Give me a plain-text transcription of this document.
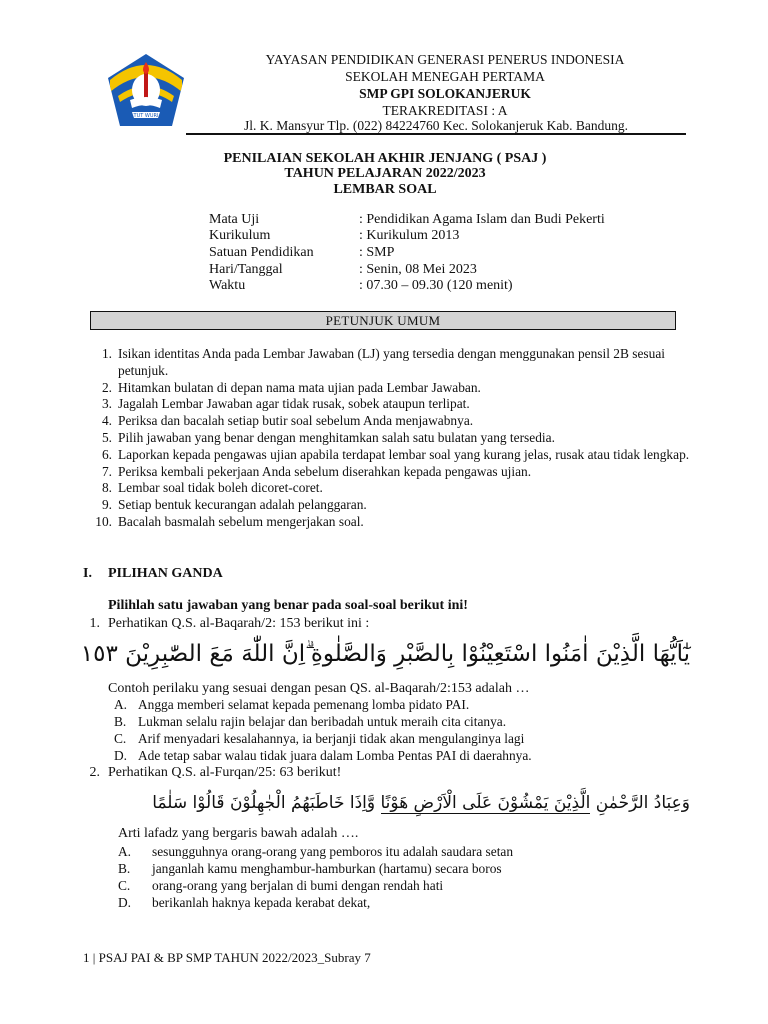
TUT WURI
YAYASAN PENDIDIKAN GENERASI PENERUS INDONESIA
SEKOLAH MENEGAH PERTAMA
SMP GPI SOLOKANJERUK
TERAKREDITASI : A
Jl. K. Mansyur Tlp. (022) 84224760 Kec. Solokanjeruk Kab. Bandung.
PENILAIAN SEKOLAH AKHIR JENJANG ( PSAJ )
TAHUN PELAJARAN 2022/2023
LEMBAR SOAL
Mata Uji	: Pendidikan Agama Islam dan Budi Pekerti
Kurikulum	: Kurikulum 2013
Satuan Pendidikan	: SMP
Hari/Tanggal	: Senin, 08 Mei 2023
Waktu	: 07.30 – 09.30 (120 menit)
PETUNJUK UMUM
1. Isikan identitas Anda pada Lembar Jawaban (LJ) yang tersedia dengan menggunakan pensil 2B sesuai petunjuk.
2. Hitamkan bulatan di depan nama mata ujian pada Lembar Jawaban.
3. Jagalah Lembar Jawaban agar tidak rusak, sobek ataupun terlipat.
4. Periksa dan bacalah setiap butir soal sebelum Anda menjawabnya.
5. Pilih jawaban yang benar dengan menghitamkan salah satu bulatan yang tersedia.
6. Laporkan kepada pengawas ujian apabila terdapat lembar soal yang kurang jelas, rusak atau tidak lengkap.
7. Periksa kembali pekerjaan Anda sebelum diserahkan kepada pengawas ujian.
8. Lembar soal tidak boleh dicoret-coret.
9. Setiap bentuk kecurangan adalah pelanggaran.
10. Bacalah basmalah sebelum mengerjakan soal.
I. PILIHAN GANDA
Pilihlah satu jawaban yang benar pada soal-soal berikut ini!
1. Perhatikan Q.S. al-Baqarah/2: 153 berikut ini :
يٰٓاَيُّهَا الَّذِيْنَ اٰمَنُوا اسْتَعِيْنُوْا بِالصَّبْرِ وَالصَّلٰوةِ ۗاِنَّ اللّٰهَ مَعَ الصّٰبِرِيْنَ ١٥٣
Contoh perilaku yang sesuai dengan pesan QS. al-Baqarah/2:153 adalah …
A. Angga memberi selamat kepada pemenang lomba pidato PAI.
B. Lukman selalu rajin belajar dan beribadah untuk meraih cita citanya.
C. Arif menyadari kesalahannya, ia berjanji tidak akan mengulanginya lagi
D. Ade tetap sabar walau tidak juara dalam Lomba Pentas PAI di daerahnya.
2. Perhatikan Q.S. al-Furqan/25: 63 berikut!
وَعِبَادُ الرَّحْمٰنِ الَّذِيْنَ يَمْشُوْنَ عَلَى الْاَرْضِ هَوْنًا وَّاِذَا خَاطَبَهُمُ الْجٰهِلُوْنَ قَالُوْا سَلٰمًا
Arti lafadz yang bergaris bawah adalah ….
A. sesungguhnya orang-orang yang pemboros itu adalah saudara setan
B. janganlah kamu menghambur-hamburkan (hartamu) secara boros
C. orang-orang yang berjalan di bumi dengan rendah hati
D. berikanlah haknya kepada kerabat dekat,
1 | PSAJ PAI & BP SMP TAHUN 2022/2023_Subray 7
